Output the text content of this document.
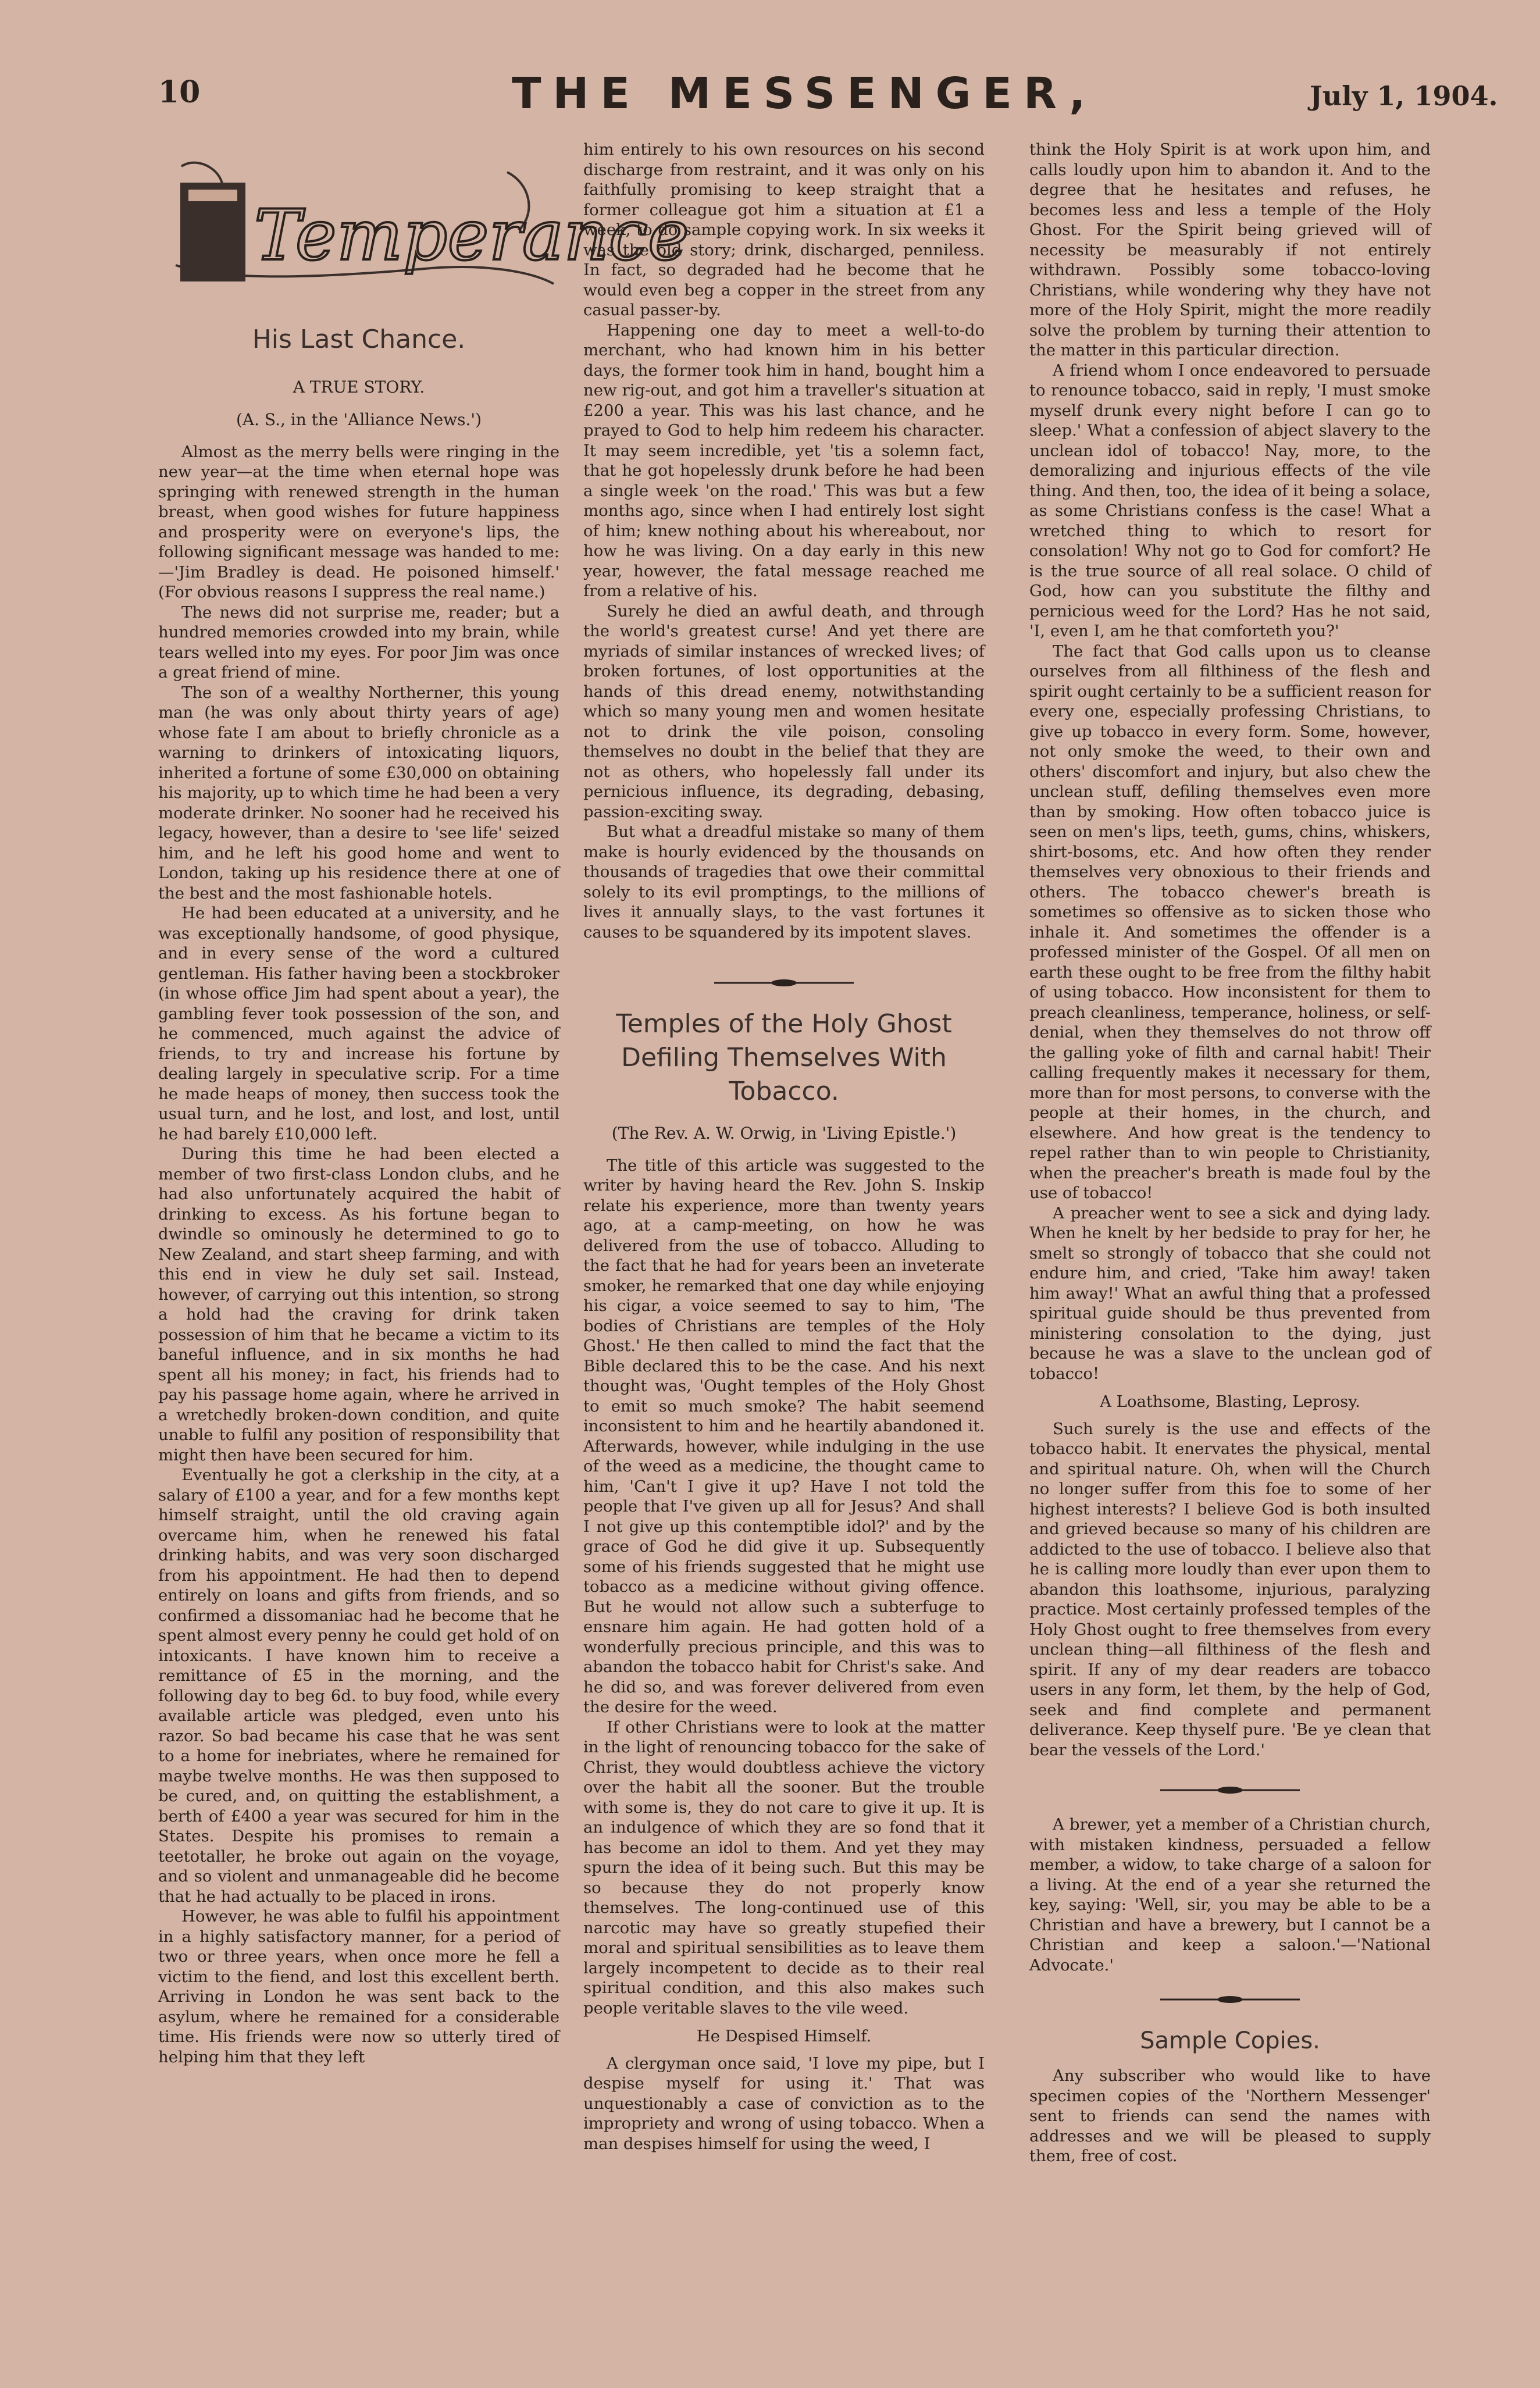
10	THE MESSENGER,	July 1, 1904.
Temperance
His Last Chance.
A TRUE STORY.
(A. S., in the 'Alliance News.')

Almost as the merry bells were ringing in the new year—at the time when eternal hope was springing with renewed strength in the human breast, when good wishes for future happiness and prosperity were on everyone's lips, the following significant message was handed to me:—'Jim Bradley is dead. He poisoned himself.' (For obvious reasons I suppress the real name.)

The news did not surprise me, reader; but a hundred memories crowded into my brain, while tears welled into my eyes. For poor Jim was once a great friend of mine.

The son of a wealthy Northerner, this young man (he was only about thirty years of age) whose fate I am about to briefly chronicle as a warning to drinkers of intoxicating liquors, inherited a fortune of some £30,000 on obtaining his majority, up to which time he had been a very moderate drinker. No sooner had he received his legacy, however, than a desire to 'see life' seized him, and he left his good home and went to London, taking up his residence there at one of the best and the most fashionable hotels.

He had been educated at a university, and he was exceptionally handsome, of good physique, and in every sense of the word a cultured gentleman. His father having been a stockbroker (in whose office Jim had spent about a year), the gambling fever took possession of the son, and he commenced, much against the advice of friends, to try and increase his fortune by dealing largely in speculative scrip. For a time he made heaps of money, then success took the usual turn, and he lost, and lost, and lost, until he had barely £10,000 left.

During this time he had been elected a member of two first-class London clubs, and he had also unfortunately acquired the habit of drinking to excess. As his fortune began to dwindle so ominously he determined to go to New Zealand, and start sheep farming, and with this end in view he duly set sail. Instead, however, of carrying out this intention, so strong a hold had the craving for drink taken possession of him that he became a victim to its baneful influence, and in six months he had spent all his money; in fact, his friends had to pay his passage home again, where he arrived in a wretchedly broken-down condition, and quite unable to fulfil any position of responsibility that might then have been secured for him.

Eventually he got a clerkship in the city, at a salary of £100 a year, and for a few months kept himself straight, until the old craving again overcame him, when he renewed his fatal drinking habits, and was very soon discharged from his appointment. He had then to depend entirely on loans and gifts from friends, and so confirmed a dissomaniac had he become that he spent almost every penny he could get hold of on intoxicants. I have known him to receive a remittance of £5 in the morning, and the following day to beg 6d. to buy food, while every available article was pledged, even unto his razor. So bad became his case that he was sent to a home for inebriates, where he remained for maybe twelve months. He was then supposed to be cured, and, on quitting the establishment, a berth of £400 a year was secured for him in the States. Despite his promises to remain a teetotaller, he broke out again on the voyage, and so violent and unmanageable did he become that he had actually to be placed in irons.

However, he was able to fulfil his appointment in a highly satisfactory manner, for a period of two or three years, when once more he fell a victim to the fiend, and lost this excellent berth. Arriving in London he was sent back to the asylum, where he remained for a considerable time. His friends were now so utterly tired of helping him that they left

him entirely to his own resources on his second discharge from restraint, and it was only on his faithfully promising to keep straight that a former colleague got him a situation at £1 a week, to do sample copying work. In six weeks it was the old story; drink, discharged, penniless. In fact, so degraded had he become that he would even beg a copper in the street from any casual passer-by.

Happening one day to meet a well-to-do merchant, who had known him in his better days, the former took him in hand, bought him a new rig-out, and got him a traveller's situation at £200 a year. This was his last chance, and he prayed to God to help him redeem his character. It may seem incredible, yet 'tis a solemn fact, that he got hopelessly drunk before he had been a single week 'on the road.' This was but a few months ago, since when I had entirely lost sight of him; knew nothing about his whereabout, nor how he was living. On a day early in this new year, however, the fatal message reached me from a relative of his.

Surely he died an awful death, and through the world's greatest curse! And yet there are myriads of similar instances of wrecked lives; of broken fortunes, of lost opportunities at the hands of this dread enemy, notwithstanding which so many young men and women hesitate not to drink the vile poison, consoling themselves no doubt in the belief that they are not as others, who hopelessly fall under its pernicious influence, its degrading, debasing, passion-exciting sway.

But what a dreadful mistake so many of them make is hourly evidenced by the thousands on thousands of tragedies that owe their committal solely to its evil promptings, to the millions of lives it annually slays, to the vast fortunes it causes to be squandered by its impotent slaves.

Temples of the Holy Ghost Defiling Themselves With Tobacco.
(The Rev. A. W. Orwig, in 'Living Epistle.')

The title of this article was suggested to the writer by having heard the Rev. John S. Inskip relate his experience, more than twenty years ago, at a camp-meeting, on how he was delivered from the use of tobacco. Alluding to the fact that he had for years been an inveterate smoker, he remarked that one day while enjoying his cigar, a voice seemed to say to him, 'The bodies of Christians are temples of the Holy Ghost.' He then called to mind the fact that the Bible declared this to be the case. And his next thought was, 'Ought temples of the Holy Ghost to emit so much smoke? The habit seemend inconsistent to him and he heartily abandoned it. Afterwards, however, while indulging in the use of the weed as a medicine, the thought came to him, 'Can't I give it up? Have I not told the people that I've given up all for Jesus? And shall I not give up this contemptible idol?' and by the grace of God he did give it up. Subsequently some of his friends suggested that he might use tobacco as a medicine without giving offence. But he would not allow such a subterfuge to ensnare him again. He had gotten hold of a wonderfully precious principle, and this was to abandon the tobacco habit for Christ's sake. And he did so, and was forever delivered from even the desire for the weed.

If other Christians were to look at the matter in the light of renouncing tobacco for the sake of Christ, they would doubtless achieve the victory over the habit all the sooner. But the trouble with some is, they do not care to give it up. It is an indulgence of which they are so fond that it has become an idol to them. And yet they may spurn the idea of it being such. But this may be so because they do not properly know themselves. The long-continued use of this narcotic may have so greatly stupefied their moral and spiritual sensibilities as to leave them largely incompetent to decide as to their real spiritual condition, and this also makes such people veritable slaves to the vile weed.

He Despised Himself.

A clergyman once said, 'I love my pipe, but I despise myself for using it.' That was unquestionably a case of conviction as to the impropriety and wrong of using tobacco. When a man despises himself for using the weed, I

think the Holy Spirit is at work upon him, and calls loudly upon him to abandon it. And to the degree that he hesitates and refuses, he becomes less and less a temple of the Holy Ghost. For the Spirit being grieved will of necessity be measurably if not entirely withdrawn. Possibly some tobacco-loving Christians, while wondering why they have not more of the Holy Spirit, might the more readily solve the problem by turning their attention to the matter in this particular direction.

A friend whom I once endeavored to persuade to renounce tobacco, said in reply, 'I must smoke myself drunk every night before I can go to sleep.' What a confession of abject slavery to the unclean idol of tobacco! Nay, more, to the demoralizing and injurious effects of the vile thing. And then, too, the idea of it being a solace, as some Christians confess is the case! What a wretched thing to which to resort for consolation! Why not go to God for comfort? He is the true source of all real solace. O child of God, how can you substitute the filthy and pernicious weed for the Lord? Has he not said, 'I, even I, am he that comforteth you?'

The fact that God calls upon us to cleanse ourselves from all filthiness of the flesh and spirit ought certainly to be a sufficient reason for every one, especially professing Christians, to give up tobacco in every form. Some, however, not only smoke the weed, to their own and others' discomfort and injury, but also chew the unclean stuff, defiling themselves even more than by smoking. How often tobacco juice is seen on men's lips, teeth, gums, chins, whiskers, shirt-bosoms, etc. And how often they render themselves very obnoxious to their friends and others. The tobacco chewer's breath is sometimes so offensive as to sicken those who inhale it. And sometimes the offender is a professed minister of the Gospel. Of all men on earth these ought to be free from the filthy habit of using tobacco. How inconsistent for them to preach cleanliness, temperance, holiness, or self-denial, when they themselves do not throw off the galling yoke of filth and carnal habit! Their calling frequently makes it necessary for them, more than for most persons, to converse with the people at their homes, in the church, and elsewhere. And how great is the tendency to repel rather than to win people to Christianity, when the preacher's breath is made foul by the use of tobacco!

A preacher went to see a sick and dying lady. When he knelt by her bedside to pray for her, he smelt so strongly of tobacco that she could not endure him, and cried, 'Take him away! taken him away!' What an awful thing that a professed spiritual guide should be thus prevented from ministering consolation to the dying, just because he was a slave to the unclean god of tobacco!

A Loathsome, Blasting, Leprosy.

Such surely is the use and effects of the tobacco habit. It enervates the physical, mental and spiritual nature. Oh, when will the Church no longer suffer from this foe to some of her highest interests? I believe God is both insulted and grieved because so many of his children are addicted to the use of tobacco. I believe also that he is calling more loudly than ever upon them to abandon this loathsome, injurious, paralyzing practice. Most certainly professed temples of the Holy Ghost ought to free themselves from every unclean thing—all filthiness of the flesh and spirit. If any of my dear readers are tobacco users in any form, let them, by the help of God, seek and find complete and permanent deliverance. Keep thyself pure. 'Be ye clean that bear the vessels of the Lord.'

A brewer, yet a member of a Christian church, with mistaken kindness, persuaded a fellow member, a widow, to take charge of a saloon for a living. At the end of a year she returned the key, saying: 'Well, sir, you may be able to be a Christian and have a brewery, but I cannot be a Christian and keep a saloon.'—'National Advocate.'

Sample Copies.

Any subscriber who would like to have specimen copies of the 'Northern Messenger' sent to friends can send the names with addresses and we will be pleased to supply them, free of cost.
